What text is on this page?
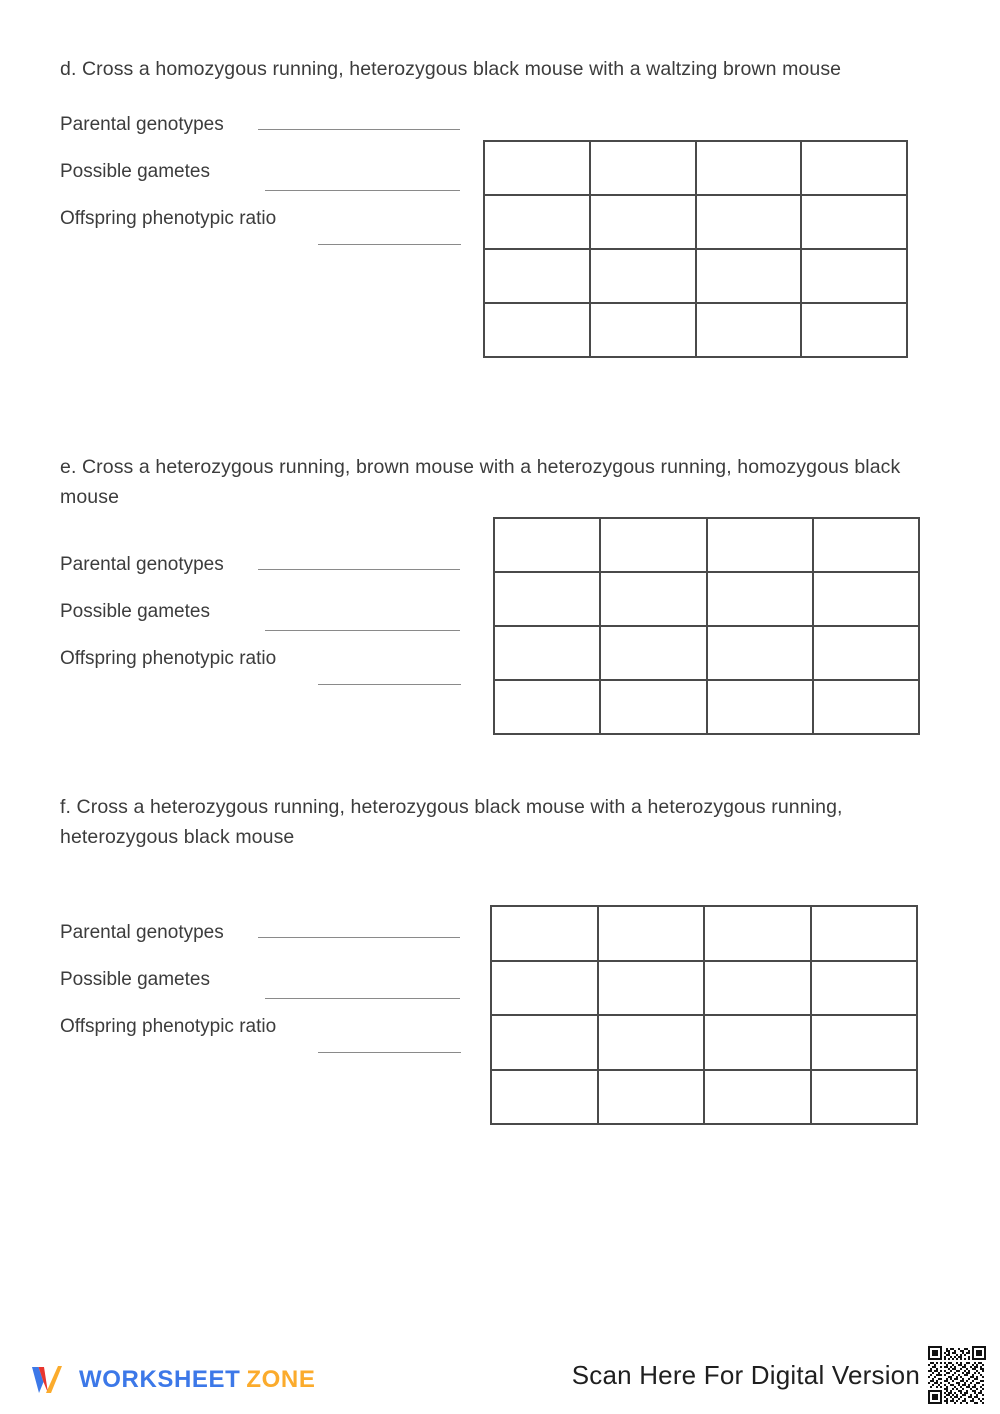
d. Cross a homozygous running, heterozygous black mouse with a waltzing brown mouse
Parental genotypes
Possible gametes
Offspring phenotypic ratio
e. Cross a heterozygous running, brown mouse with a heterozygous running, homozygous black mouse
Parental genotypes
Possible gametes
Offspring phenotypic ratio
f. Cross a heterozygous running, heterozygous black mouse with a heterozygous running, heterozygous black mouse
Parental genotypes
Possible gametes
Offspring phenotypic ratio
WORKSHEET ZONE	Scan Here For Digital Version
